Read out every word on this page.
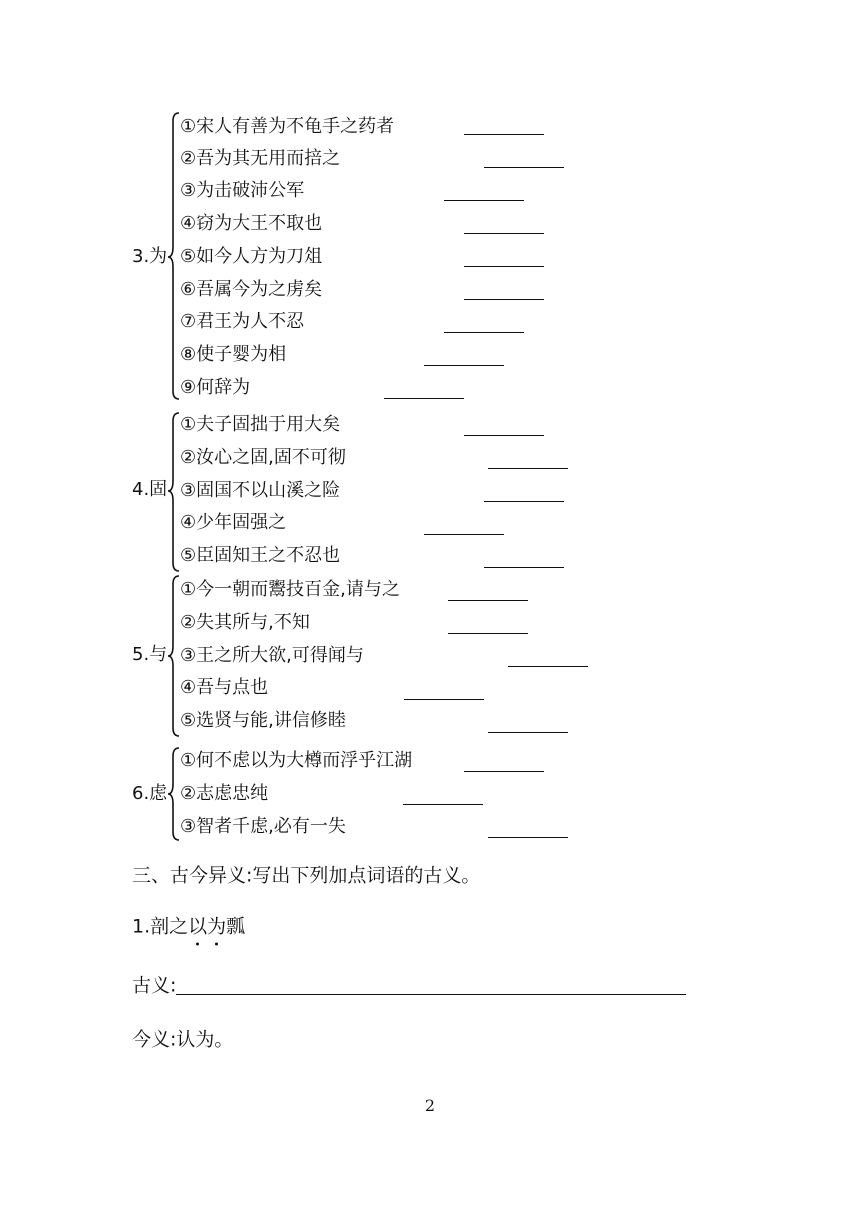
3.为
①宋人有善为不龟手之药者
②吾为其无用而掊之
③为击破沛公军
④窃为大王不取也
⑤如今人方为刀俎
⑥吾属今为之虏矣
⑦君王为人不忍
⑧使子婴为相
⑨何辞为
4.固
①夫子固拙于用大矣
②汝心之固,固不可彻
③固国不以山溪之险
④少年固强之
⑤臣固知王之不忍也
5.与
①今一朝而鬻技百金,请与之
②失其所与,不知
③王之所大欲,可得闻与
④吾与点也
⑤选贤与能,讲信修睦
6.虑
①何不虑以为大樽而浮乎江湖
②志虑忠纯
③智者千虑,必有一失
三、古今异义:写出下列加点词语的古义。
1.剖之以为瓢
古义:
今义:认为。
2
